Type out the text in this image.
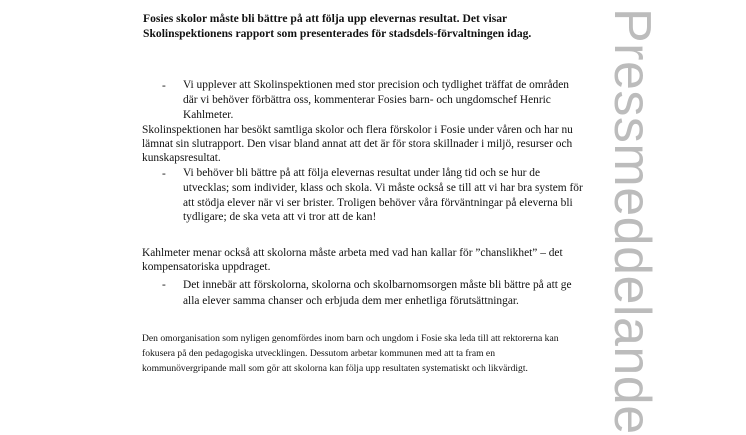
Pressmeddelande
Fosies skolor måste bli bättre på att följa upp elevernas resultat. Det visar Skolinspektionens rapport som presenterades för stadsdels-förvaltningen idag.
- Vi upplever att Skolinspektionen med stor precision och tydlighet träffat de områden där vi behöver förbättra oss, kommenterar Fosies barn- och ungdomschef Henric Kahlmeter.

Skolinspektionen har besökt samtliga skolor och flera förskolor i Fosie under våren och har nu lämnat sin slutrapport. Den visar bland annat att det är för stora skillnader i miljö, resurser och kunskapsresultat.

- Vi behöver bli bättre på att följa elevernas resultat under lång tid och se hur de utvecklas; som individer, klass och skola. Vi måste också se till att vi har bra system för att stödja elever när vi ser brister. Troligen behöver våra förväntningar på eleverna bli tydligare; de ska veta att vi tror att de kan!

Kahlmeter menar också att skolorna måste arbeta med vad han kallar för ”chanslikhet” – det kompensatoriska uppdraget.

- Det innebär att förskolorna, skolorna och skolbarnomsorgen måste bli bättre på att ge alla elever samma chanser och erbjuda dem mer enhetliga förutsättningar.

Den omorganisation som nyligen genomfördes inom barn och ungdom i Fosie ska leda till att rektorerna kan fokusera på den pedagogiska utvecklingen. Dessutom arbetar kommunen med att ta fram en kommunövergripande mall som gör att skolorna kan följa upp resultaten systematiskt och likvärdigt.
